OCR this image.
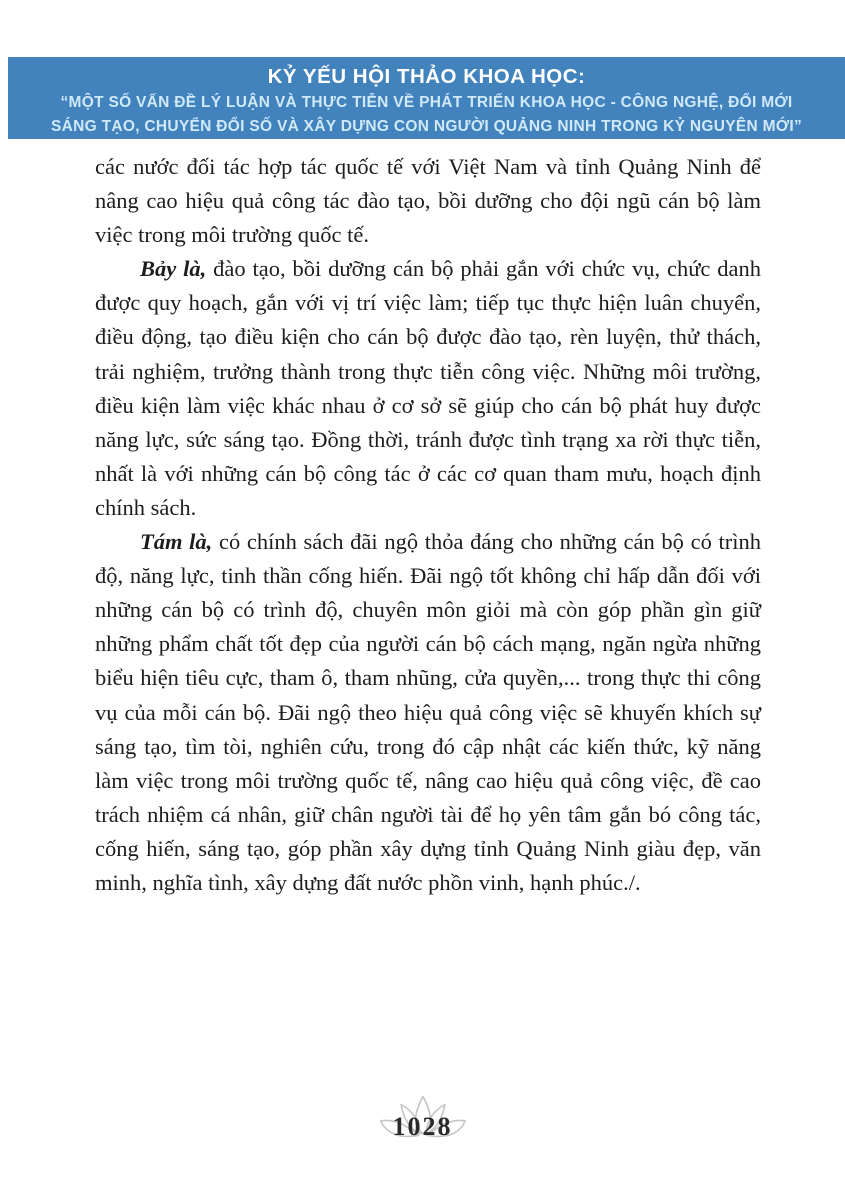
KỶ YẾU HỘI THẢO KHOA HỌC:
“MỘT SỐ VẤN ĐỀ LÝ LUẬN VÀ THỰC TIỄN VỀ PHÁT TRIỂN KHOA HỌC - CÔNG NGHỆ, ĐỔI MỚI
SÁNG TẠO, CHUYỂN ĐỔI SỐ VÀ XÂY DỰNG CON NGƯỜI QUẢNG NINH TRONG KỶ NGUYÊN MỚI”

các nước đối tác hợp tác quốc tế với Việt Nam và tỉnh Quảng Ninh để nâng cao hiệu quả công tác đào tạo, bồi dưỡng cho đội ngũ cán bộ làm việc trong môi trường quốc tế.

Bảy là, đào tạo, bồi dưỡng cán bộ phải gắn với chức vụ, chức danh được quy hoạch, gắn với vị trí việc làm; tiếp tục thực hiện luân chuyển, điều động, tạo điều kiện cho cán bộ được đào tạo, rèn luyện, thử thách, trải nghiệm, trưởng thành trong thực tiễn công việc. Những môi trường, điều kiện làm việc khác nhau ở cơ sở sẽ giúp cho cán bộ phát huy được năng lực, sức sáng tạo. Đồng thời, tránh được tình trạng xa rời thực tiễn, nhất là với những cán bộ công tác ở các cơ quan tham mưu, hoạch định chính sách.

Tám là, có chính sách đãi ngộ thỏa đáng cho những cán bộ có trình độ, năng lực, tinh thần cống hiến. Đãi ngộ tốt không chỉ hấp dẫn đối với những cán bộ có trình độ, chuyên môn giỏi mà còn góp phần gìn giữ những phẩm chất tốt đẹp của người cán bộ cách mạng, ngăn ngừa những biểu hiện tiêu cực, tham ô, tham nhũng, cửa quyền,... trong thực thi công vụ của mỗi cán bộ. Đãi ngộ theo hiệu quả công việc sẽ khuyến khích sự sáng tạo, tìm tòi, nghiên cứu, trong đó cập nhật các kiến thức, kỹ năng làm việc trong môi trường quốc tế, nâng cao hiệu quả công việc, đề cao trách nhiệm cá nhân, giữ chân người tài để họ yên tâm gắn bó công tác, cống hiến, sáng tạo, góp phần xây dựng tỉnh Quảng Ninh giàu đẹp, văn minh, nghĩa tình, xây dựng đất nước phồn vinh, hạnh phúc./.

1028
